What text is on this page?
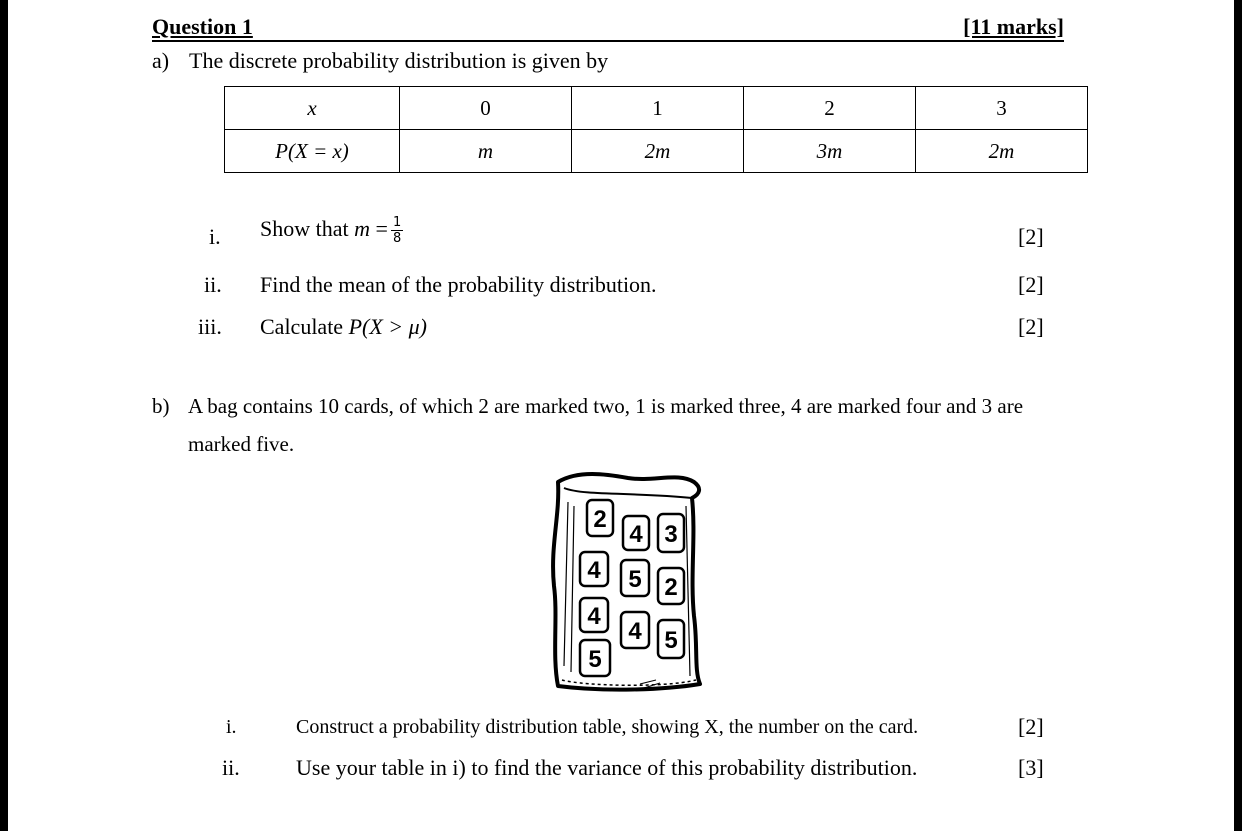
Question 1	[11 marks]
a) The discrete probability distribution is given by
x	0	1	2	3
P(X = x)	m	2m	3m	2m
i. Show that $m = \frac{1}{8}$	[2]
ii. Find the mean of the probability distribution.	[2]
iii. Calculate P(X > μ)	[2]
b) A bag contains 10 cards, of which 2 are marked two, 1 is marked three, 4 are marked four and 3 are
marked five.
2
4 3
4 5 2
4
4 5
5
i.	Construct a probability distribution table, showing X, the number on the card.	[2]
ii.	Use your table in i) to find the variance of this probability distribution.	[3]
